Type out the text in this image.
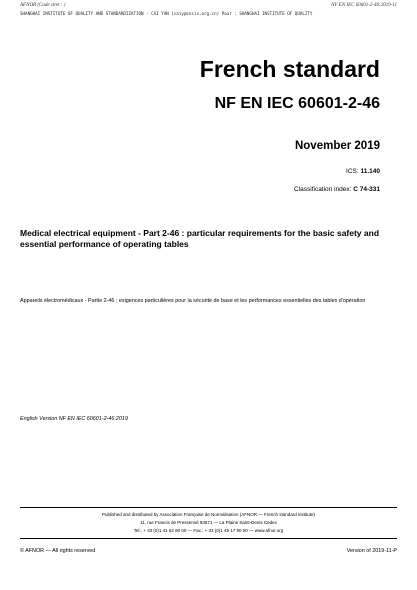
AFNOR (Code siret : )	NF EN IEC 60601-2-46:2019-11
SHANGHAI INSTITUTE OF QUALITY AND STANDARDIZATION - CAI YAN (caiy@cnsis.org.cn) Pour : SHANGHAI INSTITUTE OF QUALITY
French standard
NF EN IEC 60601-2-46
November 2019
ICS: 11.140
Classification index: C 74-331
Medical electrical equipment - Part 2-46 : particular requirements for the basic safety and essential performance of operating tables
Appareils électromédicaux - Partie 2-46 : exigences particulières pour la sécurité de base et les performances essentielles des tables d'opération
English Version NF EN IEC 60601-2-46:2019
Published and distributed by Association Française de Normalisation (AFNOR — French standard institute)
11, rue Francis de Pressensé 93571 — La Plaine Saint-Denis Cedex
Tel.: + 33 (0)1 41 62 80 00 — Fax.: + 33 (0)1 49 17 90 00 — www.afnor.org
© AFNOR — All rights reserved	Version of 2019-11-P
